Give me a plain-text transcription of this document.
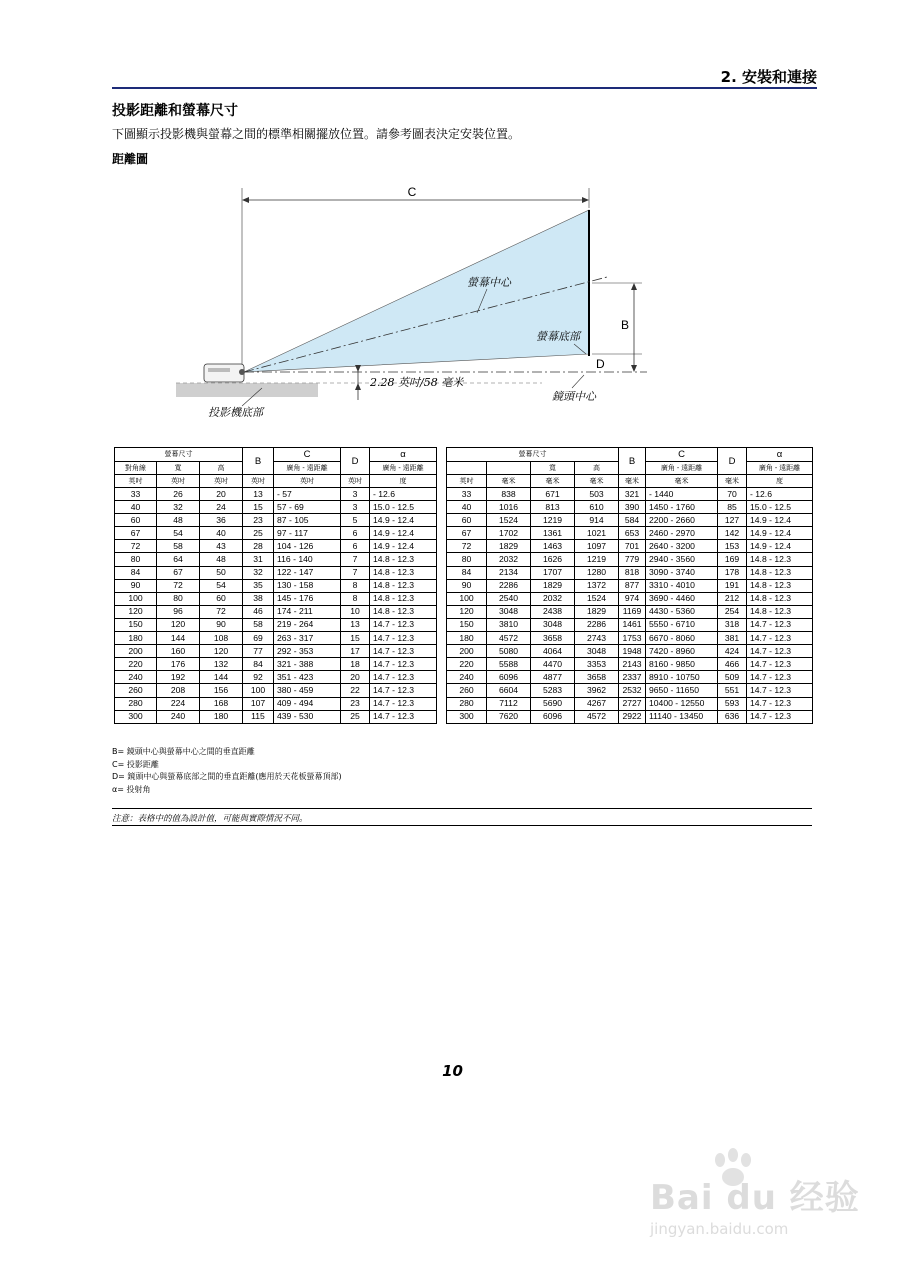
2. 安裝和連接
投影距離和螢幕尺寸
下圖顯示投影機與螢幕之間的標準相關擺放位置。請參考圖表決定安裝位置。
距離圖
C
B
D
螢幕中心
螢幕底部
2.28 英吋/58 毫米
投影機底部
鏡頭中心
螢幕尺寸			B	C	D	α
對角線	寬	高		廣角 - 遠距離		廣角 - 遠距離
英吋	英吋	英吋	英吋	英吋	英吋	度
33	26	20	13	- 57	3	- 12.6
40	32	24	15	57 - 69	3	15.0 - 12.5
60	48	36	23	87 - 105	5	14.9 - 12.4
67	54	40	25	97 - 117	6	14.9 - 12.4
72	58	43	28	104 - 126	6	14.9 - 12.4
80	64	48	31	116 - 140	7	14.8 - 12.3
84	67	50	32	122 - 147	7	14.8 - 12.3
90	72	54	35	130 - 158	8	14.8 - 12.3
100	80	60	38	145 - 176	8	14.8 - 12.3
120	96	72	46	174 - 211	10	14.8 - 12.3
150	120	90	58	219 - 264	13	14.7 - 12.3
180	144	108	69	263 - 317	15	14.7 - 12.3
200	160	120	77	292 - 353	17	14.7 - 12.3
220	176	132	84	321 - 388	18	14.7 - 12.3
240	192	144	92	351 - 423	20	14.7 - 12.3
260	208	156	100	380 - 459	22	14.7 - 12.3
280	224	168	107	409 - 494	23	14.7 - 12.3
300	240	180	115	439 - 530	25	14.7 - 12.3
螢幕尺寸				B	C	D	α
		寬	高		廣角 - 遠距離		廣角 - 遠距離
英吋	毫米	毫米	毫米	毫米	毫米	毫米	度
33	838	671	503	321	- 1440	70	- 12.6
40	1016	813	610	390	1450 - 1760	85	15.0 - 12.5
60	1524	1219	914	584	2200 - 2660	127	14.9 - 12.4
67	1702	1361	1021	653	2460 - 2970	142	14.9 - 12.4
72	1829	1463	1097	701	2640 - 3200	153	14.9 - 12.4
80	2032	1626	1219	779	2940 - 3560	169	14.8 - 12.3
84	2134	1707	1280	818	3090 - 3740	178	14.8 - 12.3
90	2286	1829	1372	877	3310 - 4010	191	14.8 - 12.3
100	2540	2032	1524	974	3690 - 4460	212	14.8 - 12.3
120	3048	2438	1829	1169	4430 - 5360	254	14.8 - 12.3
150	3810	3048	2286	1461	5550 - 6710	318	14.7 - 12.3
180	4572	3658	2743	1753	6670 - 8060	381	14.7 - 12.3
200	5080	4064	3048	1948	7420 - 8960	424	14.7 - 12.3
220	5588	4470	3353	2143	8160 - 9850	466	14.7 - 12.3
240	6096	4877	3658	2337	8910 - 10750	509	14.7 - 12.3
260	6604	5283	3962	2532	9650 - 11650	551	14.7 - 12.3
280	7112	5690	4267	2727	10400 - 12550	593	14.7 - 12.3
300	7620	6096	4572	2922	11140 - 13450	636	14.7 - 12.3
B= 鏡頭中心與螢幕中心之間的垂直距離
C= 投影距離
D= 鏡頭中心與螢幕底部之間的垂直距離(應用於天花板螢幕頂部)
α= 投射角
注意：表格中的值為設計值，可能與實際情況不同。
10
Bai du 经验
jingyan.baidu.com
